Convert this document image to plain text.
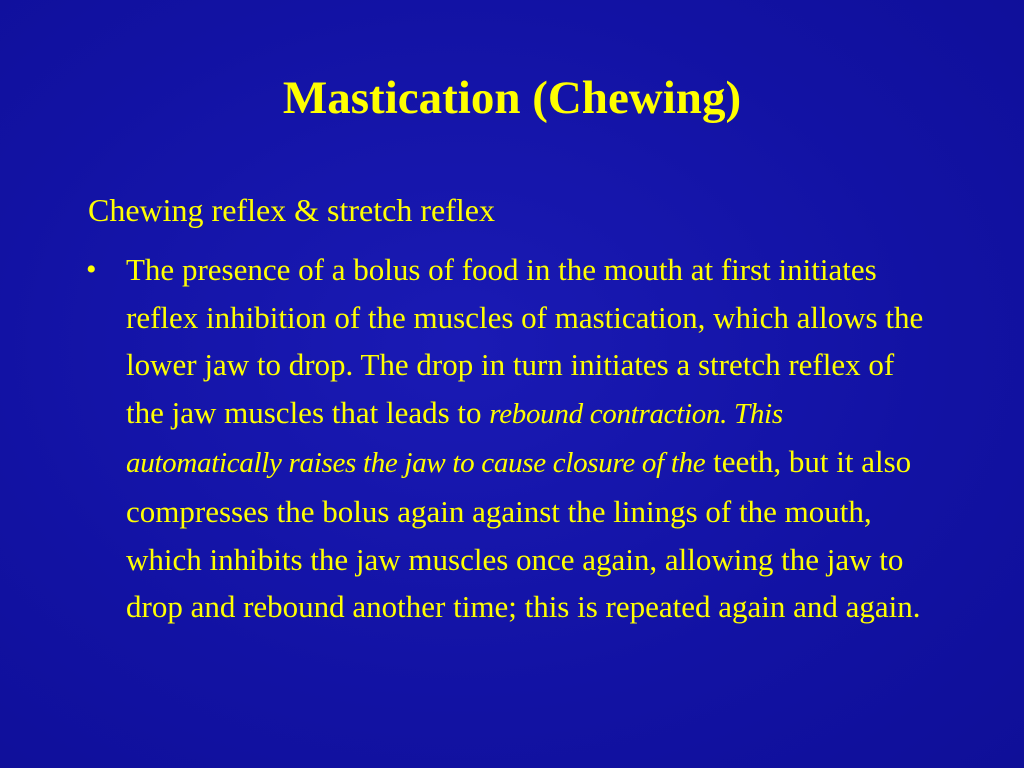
Mastication (Chewing)

Chewing reflex & stretch reflex

• The presence of a bolus of food in the mouth at first initiates reflex inhibition of the muscles of mastication, which allows the lower jaw to drop. The drop in turn initiates a stretch reflex of the jaw muscles that leads to rebound contraction. This automatically raises the jaw to cause closure of the teeth, but it also compresses the bolus again against the linings of the mouth, which inhibits the jaw muscles once again, allowing the jaw to drop and rebound another time; this is repeated again and again.
